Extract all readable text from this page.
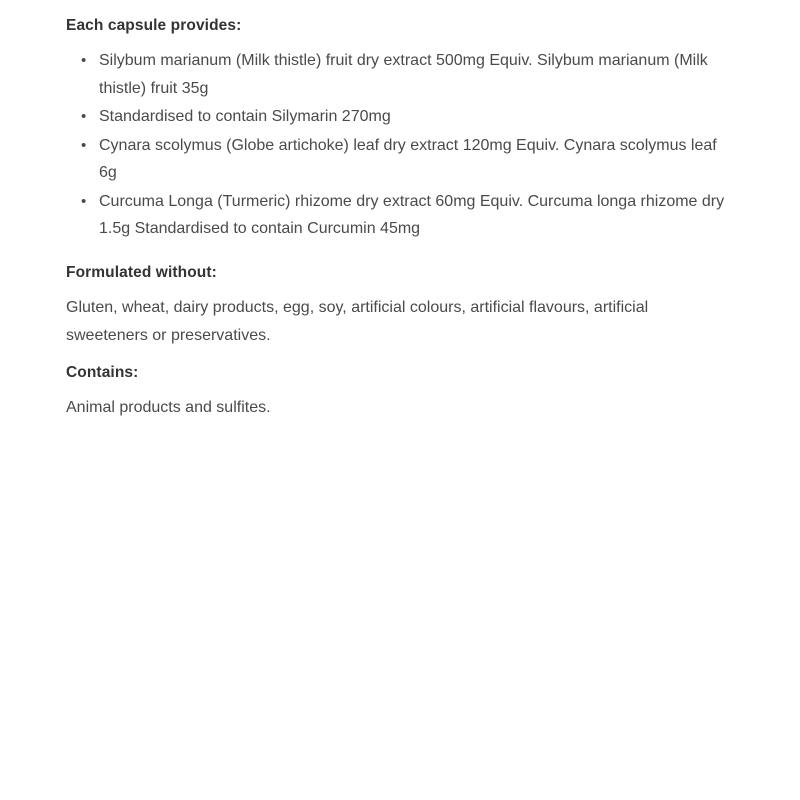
Each capsule provides:
• Silybum marianum (Milk thistle) fruit dry extract 500mg Equiv. Silybum marianum (Milk thistle) fruit 35g
• Standardised to contain Silymarin 270mg
• Cynara scolymus (Globe artichoke) leaf dry extract 120mg Equiv. Cynara scolymus leaf 6g
• Curcuma Longa (Turmeric) rhizome dry extract 60mg Equiv. Curcuma longa rhizome dry 1.5g Standardised to contain Curcumin 45mg
Formulated without:

Gluten, wheat, dairy products, egg, soy, artificial colours, artificial flavours, artificial sweeteners or preservatives.

Contains:

Animal products and sulfites.
